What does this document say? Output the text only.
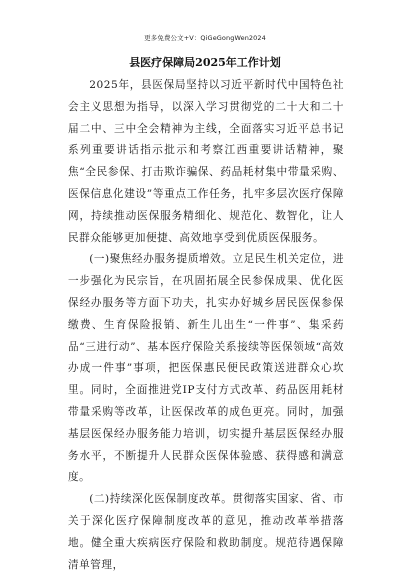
更多免费公文+V：QiGeGongWen2024
县医疗保障局2025年工作计划

2025年，县医保局坚持以习近平新时代中国特色社会主义思想为指导，以深入学习贯彻党的二十大和二十届二中、三中全会精神为主线，全面落实习近平总书记系列重要讲话指示批示和考察江西重要讲话精神，聚焦“全民参保、打击欺诈骗保、药品耗材集中带量采购、医保信息化建设”等重点工作任务，扎牢多层次医疗保障网，持续推动医保服务精细化、规范化、数智化，让人民群众能够更加便捷、高效地享受到优质医保服务。

(一)聚焦经办服务提质增效。立足民生机关定位，进一步强化为民宗旨，在巩固拓展全民参保成果、优化医保经办服务等方面下功夫，扎实办好城乡居民医保参保缴费、生育保险报销、新生儿出生“一件事”、集采药品“三进行动”、基本医疗保险关系接续等医保领域“高效办成一件事”事项，把医保惠民便民政策送进群众心坎里。同时，全面推进党IP支付方式改革、药品医用耗材带量采购等改革，让医保改革的成色更亮。同时，加强基层医保经办服务能力培训，切实提升基层医保经办服务水平，不断提升人民群众医保体验感、获得感和满意度。

(二)持续深化医保制度改革。贯彻落实国家、省、市关于深化医疗保障制度改革的意见，推动改革举措落地。健全重大疾病医疗保险和救助制度。规范待遇保障清单管理，
